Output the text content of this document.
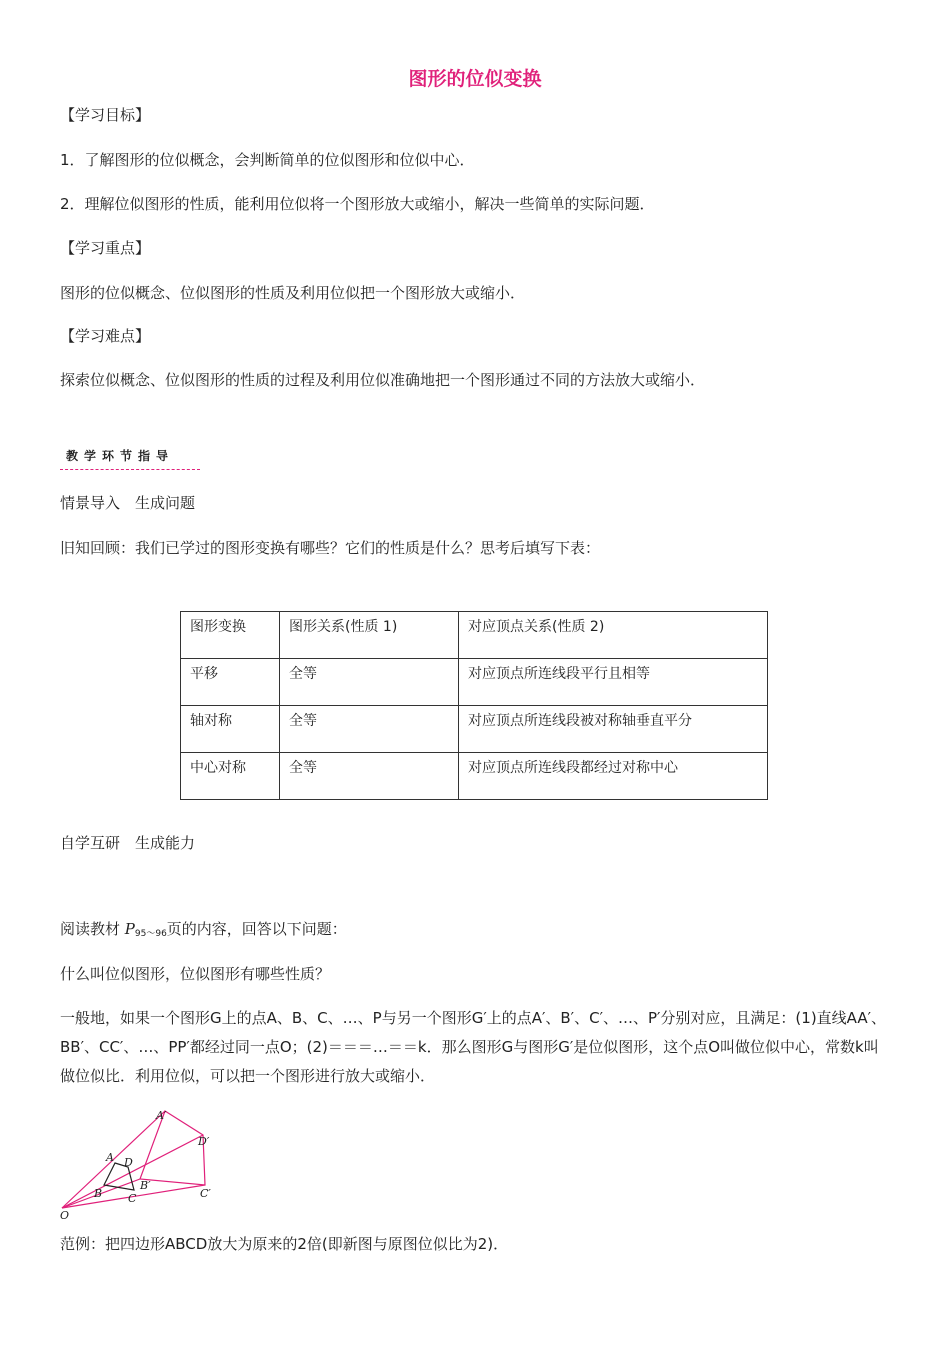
图形的位似变换
【学习目标】
1．了解图形的位似概念，会判断简单的位似图形和位似中心．
2．理解位似图形的性质，能利用位似将一个图形放大或缩小，解决一些简单的实际问题．
【学习重点】
图形的位似概念、位似图形的性质及利用位似把一个图形放大或缩小．
【学习难点】
探索位似概念、位似图形的性质的过程及利用位似准确地把一个图形通过不同的方法放大或缩小．
教学环节指导
情景导入　生成问题
旧知回顾：我们已学过的图形变换有哪些？它们的性质是什么？思考后填写下表：
图形变换	图形关系(性质 1)	对应顶点关系(性质 2)
平移	全等	对应顶点所连线段平行且相等
轴对称	全等	对应顶点所连线段被对称轴垂直平分
中心对称	全等	对应顶点所连线段都经过对称中心
自学互研　生成能力
阅读教材 P95～96页的内容，回答以下问题：
什么叫位似图形，位似图形有哪些性质？
一般地，如果一个图形G上的点A、B、C、…、P与另一个图形G′上的点A′、B′、C′、…、P′分别对应，且满足：(1)直线AA′、BB′、CC′、…、PP′都经过同一点O；(2)＝＝＝…＝＝k．那么图形G与图形G′是位似图形，这个点O叫做位似中心，常数k叫做位似比．利用位似，可以把一个图形进行放大或缩小．
O
A D
B C
A′
D′
B′
C′
范例：把四边形ABCD放大为原来的2倍(即新图与原图位似比为2)．
